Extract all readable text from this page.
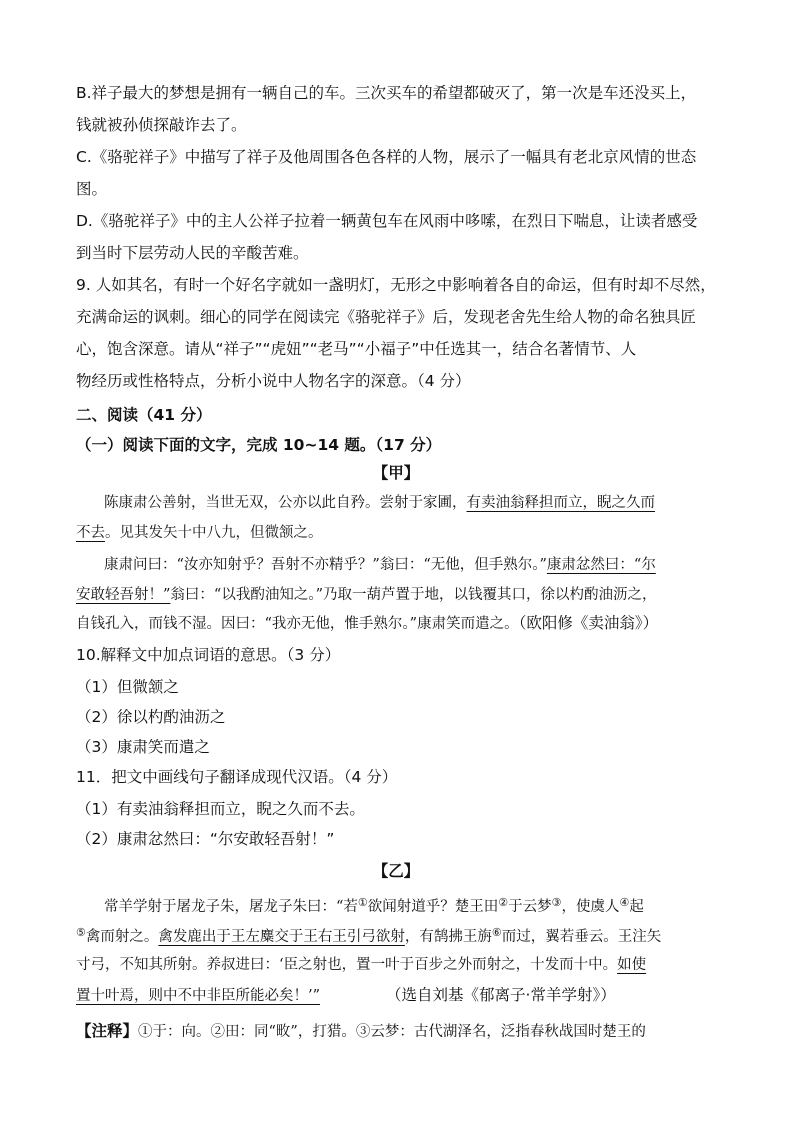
B.祥子最大的梦想是拥有一辆自己的车。三次买车的希望都破灭了，第一次是车还没买上，
钱就被孙侦探敲诈去了。
C.《骆驼祥子》中描写了祥子及他周围各色各样的人物，展示了一幅具有老北京风情的世态
图。
D.《骆驼祥子》中的主人公祥子拉着一辆黄包车在风雨中哆嗦，在烈日下喘息，让读者感受
到当时下层劳动人民的辛酸苦难。
9. 人如其名，有时一个好名字就如一盏明灯，无形之中影响着各自的命运，但有时却不尽然，
充满命运的讽刺。细心的同学在阅读完《骆驼祥子》后，发现老舍先生给人物的命名独具匠
心，饱含深意。请从“祥子”“虎妞”“老马”“小福子”中任选其一，结合名著情节、人
物经历或性格特点，分析小说中人物名字的深意。（4 分）
二、阅读（41 分）
（一）阅读下面的文字，完成 10~14 题。（17 分）
【甲】
陈康肃公善射，当世无双，公亦以此自矜。尝射于家圃，有卖油翁释担而立，睨之久而
不去。见其发矢十中八九，但微颔之。
康肃问曰：“汝亦知射乎？吾射不亦精乎？”翁曰：“无他，但手熟尔。”康肃忿然曰：“尔
安敢轻吾射！”翁曰：“以我酌油知之。”乃取一葫芦置于地，以钱覆其口，徐以杓酌油沥之，
自钱孔入，而钱不湿。因曰：“我亦无他，惟手熟尔。”康肃笑而遣之。（欧阳修《卖油翁》）
10.解释文中加点词语的意思。（3 分）
（1）但微颔之
（2）徐以杓酌油沥之
（3）康肃笑而遣之
11．把文中画线句子翻译成现代汉语。（4 分）
（1）有卖油翁释担而立，睨之久而不去。
（2）康肃忿然曰：“尔安敢轻吾射！”
【乙】
常羊学射于屠龙子朱，屠龙子朱曰：“若①欲闻射道乎？楚王田②于云梦③，使虞人④起
⑤禽而射之。禽发鹿出于王左麋交于王右王引弓欲射，有鹄拂王旃⑥而过，翼若垂云。王注矢
寸弓，不知其所射。养叔进曰：‘臣之射也，置一叶于百步之外而射之，十发而十中。如使
置十叶焉，则中不中非臣所能必矣！’”	（选自刘基《郁离子·常羊学射》）
【注释】①于：向。②田：同“畋”，打猎。③云梦：古代湖泽名，泛指春秋战国时楚王的
